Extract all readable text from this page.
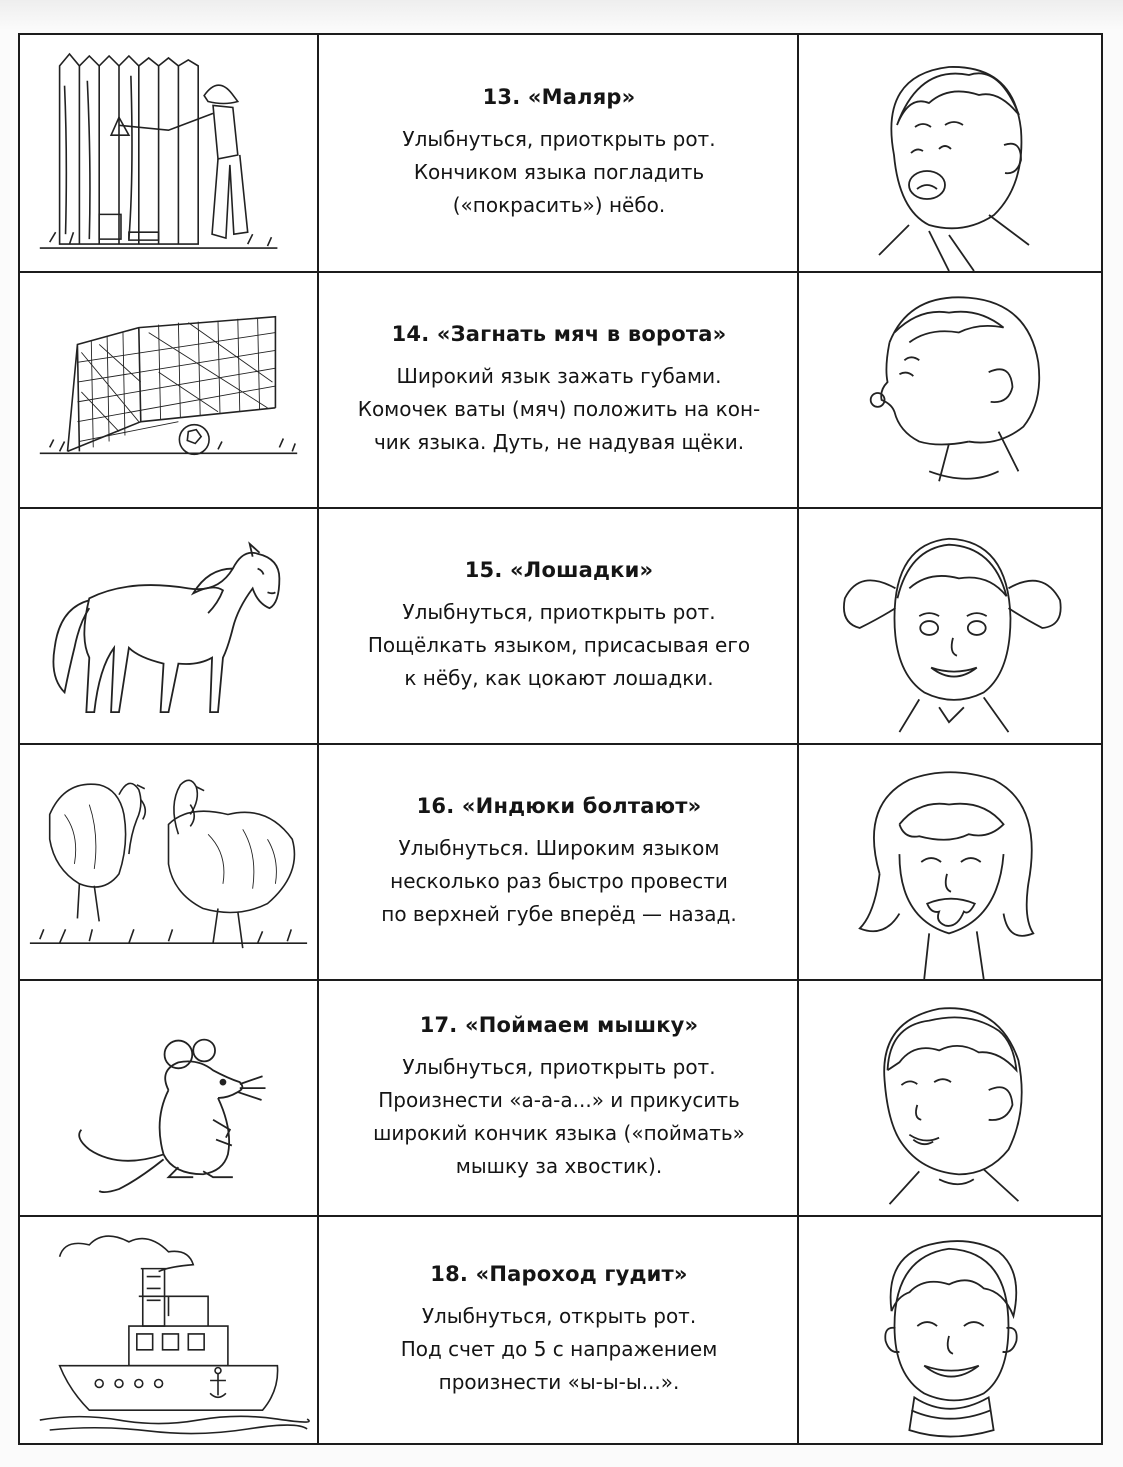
13. «Маляр»
Улыбнуться, приоткрыть рот.
Кончиком языка погладить
(«покрасить») нёбо.
14. «Загнать мяч в ворота»
Широкий язык зажать губами.
Комочек ваты (мяч) положить на кон-
чик языка. Дуть, не надувая щёки.
15. «Лошадки»
Улыбнуться, приоткрыть рот.
Пощёлкать языком, присасывая его
к нёбу, как цокают лошадки.
16. «Индюки болтают»
Улыбнуться. Широким языком
несколько раз быстро провести
по верхней губе вперёд — назад.
17. «Поймаем мышку»
Улыбнуться, приоткрыть рот.
Произнести «а-а-а...» и прикусить
широкий кончик языка («поймать»
мышку за хвостик).
18. «Пароход гудит»
Улыбнуться, открыть рот.
Под счет до 5 с напражением
произнести «ы-ы-ы...».
